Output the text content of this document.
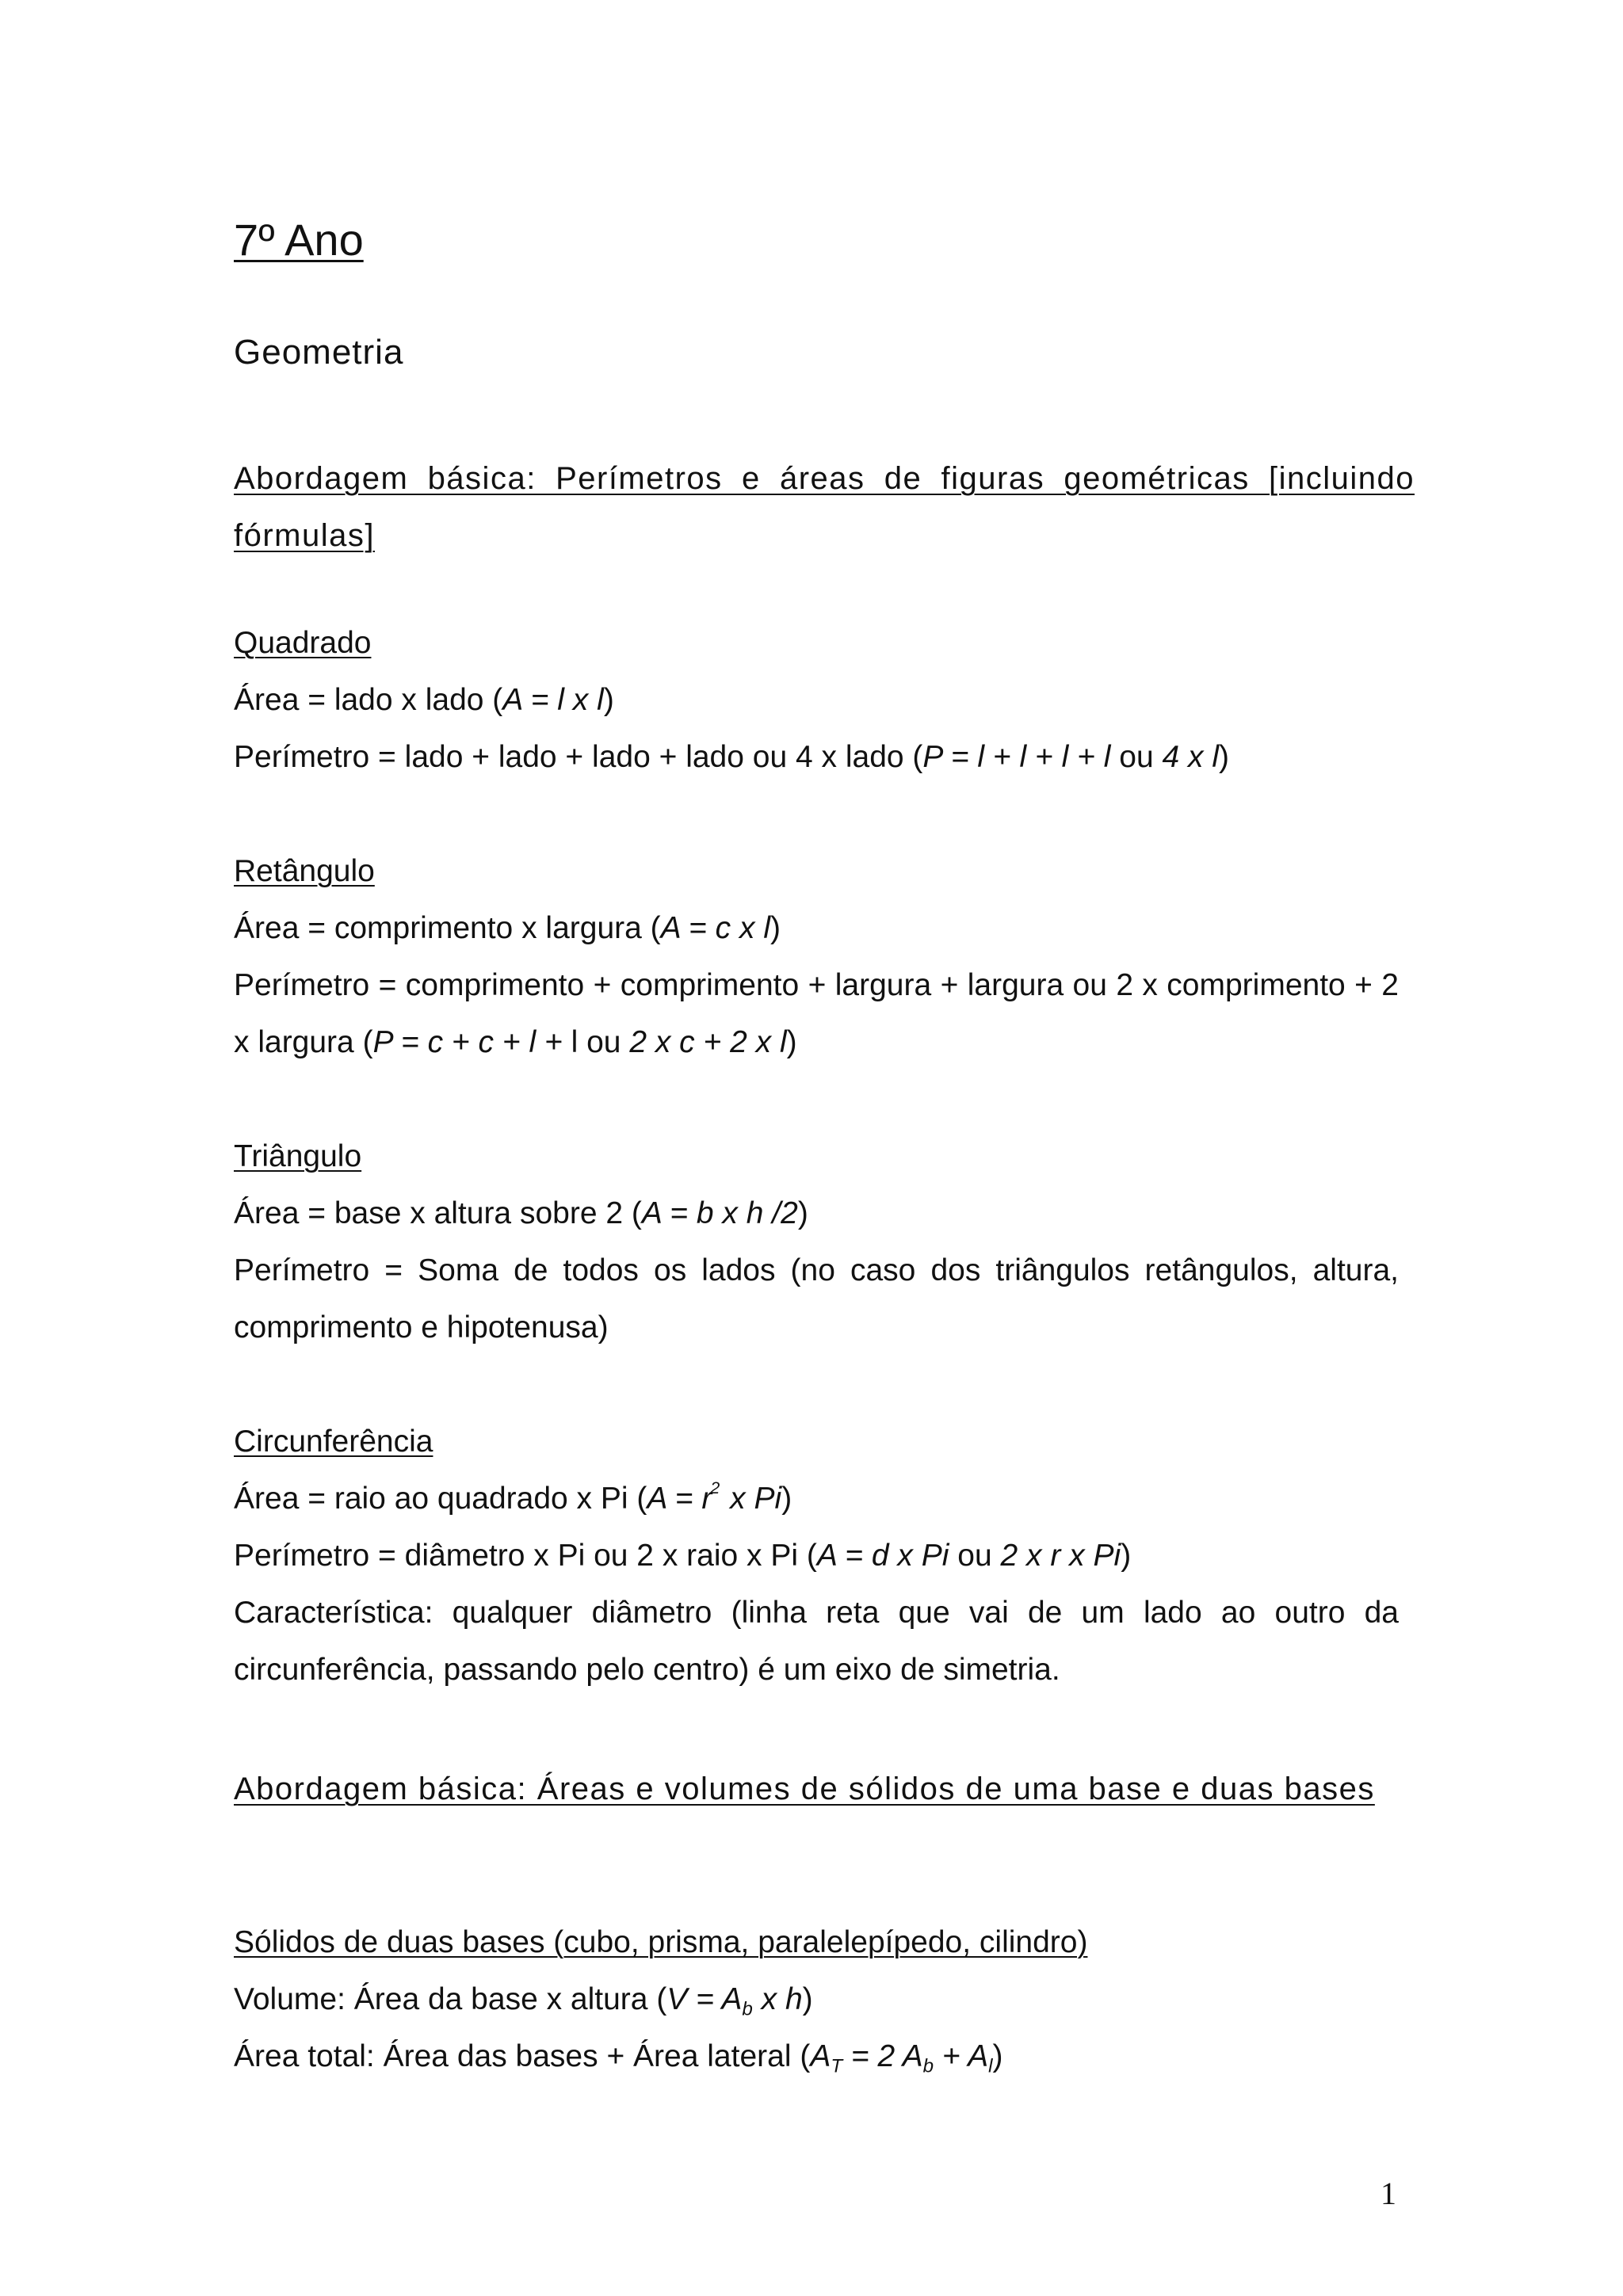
7º Ano
Geometria
Abordagem básica: Perímetros e áreas de figuras geométricas [incluindo fórmulas]
Quadrado
Área = lado x lado (A = l x l)
Perímetro = lado + lado + lado + lado ou 4 x lado (P = l + l + l + l ou 4 x l)
Retângulo
Área = comprimento x largura (A = c x l)
Perímetro = comprimento + comprimento + largura + largura ou 2 x comprimento + 2 x largura (P = c + c + l + l ou 2 x c + 2 x l)
Triângulo
Área = base x altura sobre 2 (A = b x h /2)
Perímetro = Soma de todos os lados (no caso dos triângulos retângulos, altura, comprimento e hipotenusa)
Circunferência
Área = raio ao quadrado x Pi ($A = r^2$ x Pi)
Perímetro = diâmetro x Pi ou 2 x raio x Pi (A = d x Pi ou 2 x r x Pi)
Característica: qualquer diâmetro (linha reta que vai de um lado ao outro da circunferência, passando pelo centro) é um eixo de simetria.
Abordagem básica: Áreas e volumes de sólidos de uma base e duas bases
Sólidos de duas bases (cubo, prisma, paralelepípedo, cilindro)
Volume: Área da base x altura ($V = A_b$ x h)
Área total: Área das bases + Área lateral ($A_T = 2$ $A_b + A_l$)
1
